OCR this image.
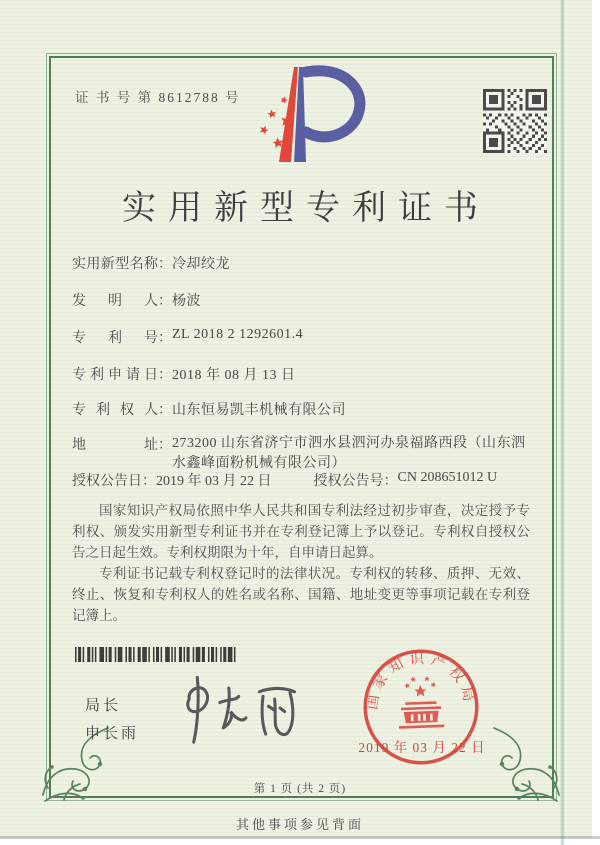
证 书 号 第 8612788 号
实用新型专利证书
实用新型名称 ： 冷却绞龙
发明人 ： 杨波
专利号 ： ZL 2018 2 1292601.4
专利申请日 ： 2018 年 08 月 13 日
专利权人 ： 山东恒易凯丰机械有限公司
地址 ： 273200 山东省济宁市泗水县泗河办泉福路西段（山东泗水鑫峰面粉机械有限公司）
授权公告日 ： 2019 年 03 月 22 日	授权公告号 ： CN 208651012 U

国家知识产权局依照中华人民共和国专利法经过初步审查，决定授予专利权、颁发实用新型专利证书并在专利登记簿上予以登记。专利权自授权公告之日起生效。专利权期限为十年，自申请日起算。

专利证书记载专利权登记时的法律状况。专利权的转移、质押、无效、终止、恢复和专利权人的姓名或名称、国籍、地址变更等事项记载在专利登记簿上。

局长
申长雨
国家知识产权局
2019 年 03 月 22 日
第 1 页 (共 2 页)
其他事项参见背面
